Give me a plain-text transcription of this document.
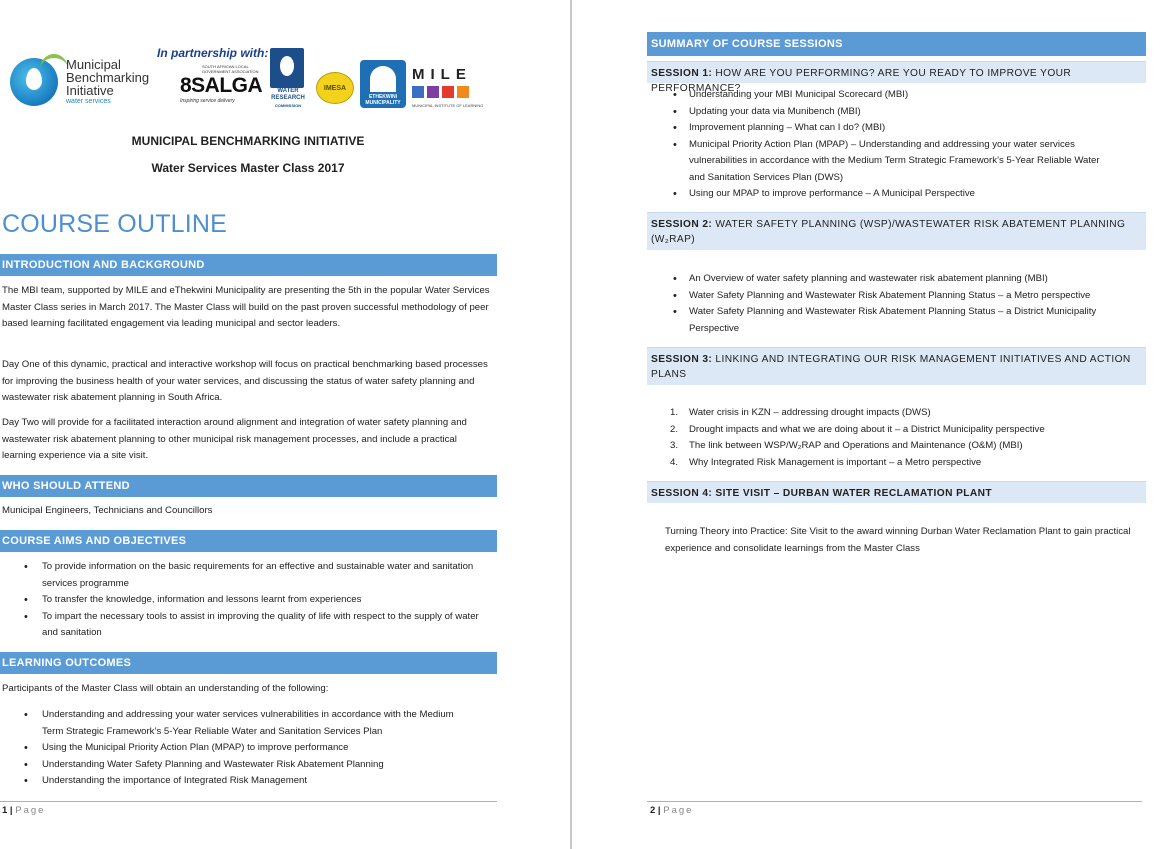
Municipal
Benchmarking
Initiative
water services
In partnership with:
SOUTH AFRICAN LOCAL GOVERNMENT ASSOCIATION
8SALGA
Inspiring service delivery
WATER
RESEARCH
COMMISSION
IMESA
ETHEKWINI
MUNICIPALITY
MILE
MUNICIPAL INSTITUTE OF LEARNING
MUNICIPAL BENCHMARKING INITIATIVE
Water Services Master Class 2017
COURSE OUTLINE
INTRODUCTION AND BACKGROUND
The MBI team, supported by MILE and eThekwini Municipality are presenting the 5th in the popular Water Services Master Class series in March 2017. The Master Class will build on the past proven successful methodology of peer based learning facilitated engagement via leading municipal and sector leaders.
Day One of this dynamic, practical and interactive workshop will focus on practical benchmarking based processes for improving the business health of your water services, and discussing the status of water safety planning and wastewater risk abatement planning in South Africa.
Day Two will provide for a facilitated interaction around alignment and integration of water safety planning and wastewater risk abatement planning to other municipal risk management processes, and include a practical learning experience via a site visit.
WHO SHOULD ATTEND
Municipal Engineers, Technicians and Councillors
COURSE AIMS AND OBJECTIVES
• To provide information on the basic requirements for an effective and sustainable water and sanitation services programme
• To transfer the knowledge, information and lessons learnt from experiences
• To impart the necessary tools to assist in improving the quality of life with respect to the supply of water and sanitation
LEARNING OUTCOMES
Participants of the Master Class will obtain an understanding of the following:
• Understanding and addressing your water services vulnerabilities in accordance with the Medium Term Strategic Framework’s 5-Year Reliable Water and Sanitation Services Plan
• Using the Municipal Priority Action Plan (MPAP) to improve performance
• Understanding Water Safety Planning and Wastewater Risk Abatement Planning
• Understanding the importance of Integrated Risk Management
1 | Page
SUMMARY OF COURSE SESSIONS
SESSION 1: HOW ARE YOU PERFORMING? ARE YOU READY TO IMPROVE YOUR PERFORMANCE?
• Understanding your MBI Municipal Scorecard (MBI)
• Updating your data via Munibench (MBI)
• Improvement planning – What can I do? (MBI)
• Municipal Priority Action Plan (MPAP) – Understanding and addressing your water services vulnerabilities in accordance with the Medium Term Strategic Framework’s 5-Year Reliable Water and Sanitation Services Plan (DWS)
• Using our MPAP to improve performance – A Municipal Perspective
SESSION 2: WATER SAFETY PLANNING (WSP)/WASTEWATER RISK ABATEMENT PLANNING (W₂RAP)
• An Overview of water safety planning and wastewater risk abatement planning (MBI)
• Water Safety Planning and Wastewater Risk Abatement Planning Status – a Metro perspective
• Water Safety Planning and Wastewater Risk Abatement Planning Status – a District Municipality Perspective
SESSION 3: LINKING AND INTEGRATING OUR RISK MANAGEMENT INITIATIVES AND ACTION PLANS
1. Water crisis in KZN – addressing drought impacts (DWS)
2. Drought impacts and what we are doing about it – a District Municipality perspective
3. The link between WSP/W₂RAP and Operations and Maintenance (O&M) (MBI)
4. Why Integrated Risk Management is important – a Metro perspective
SESSION 4: SITE VISIT – DURBAN WATER RECLAMATION PLANT
Turning Theory into Practice: Site Visit to the award winning Durban Water Reclamation Plant to gain practical experience and consolidate learnings from the Master Class
2 | Page
